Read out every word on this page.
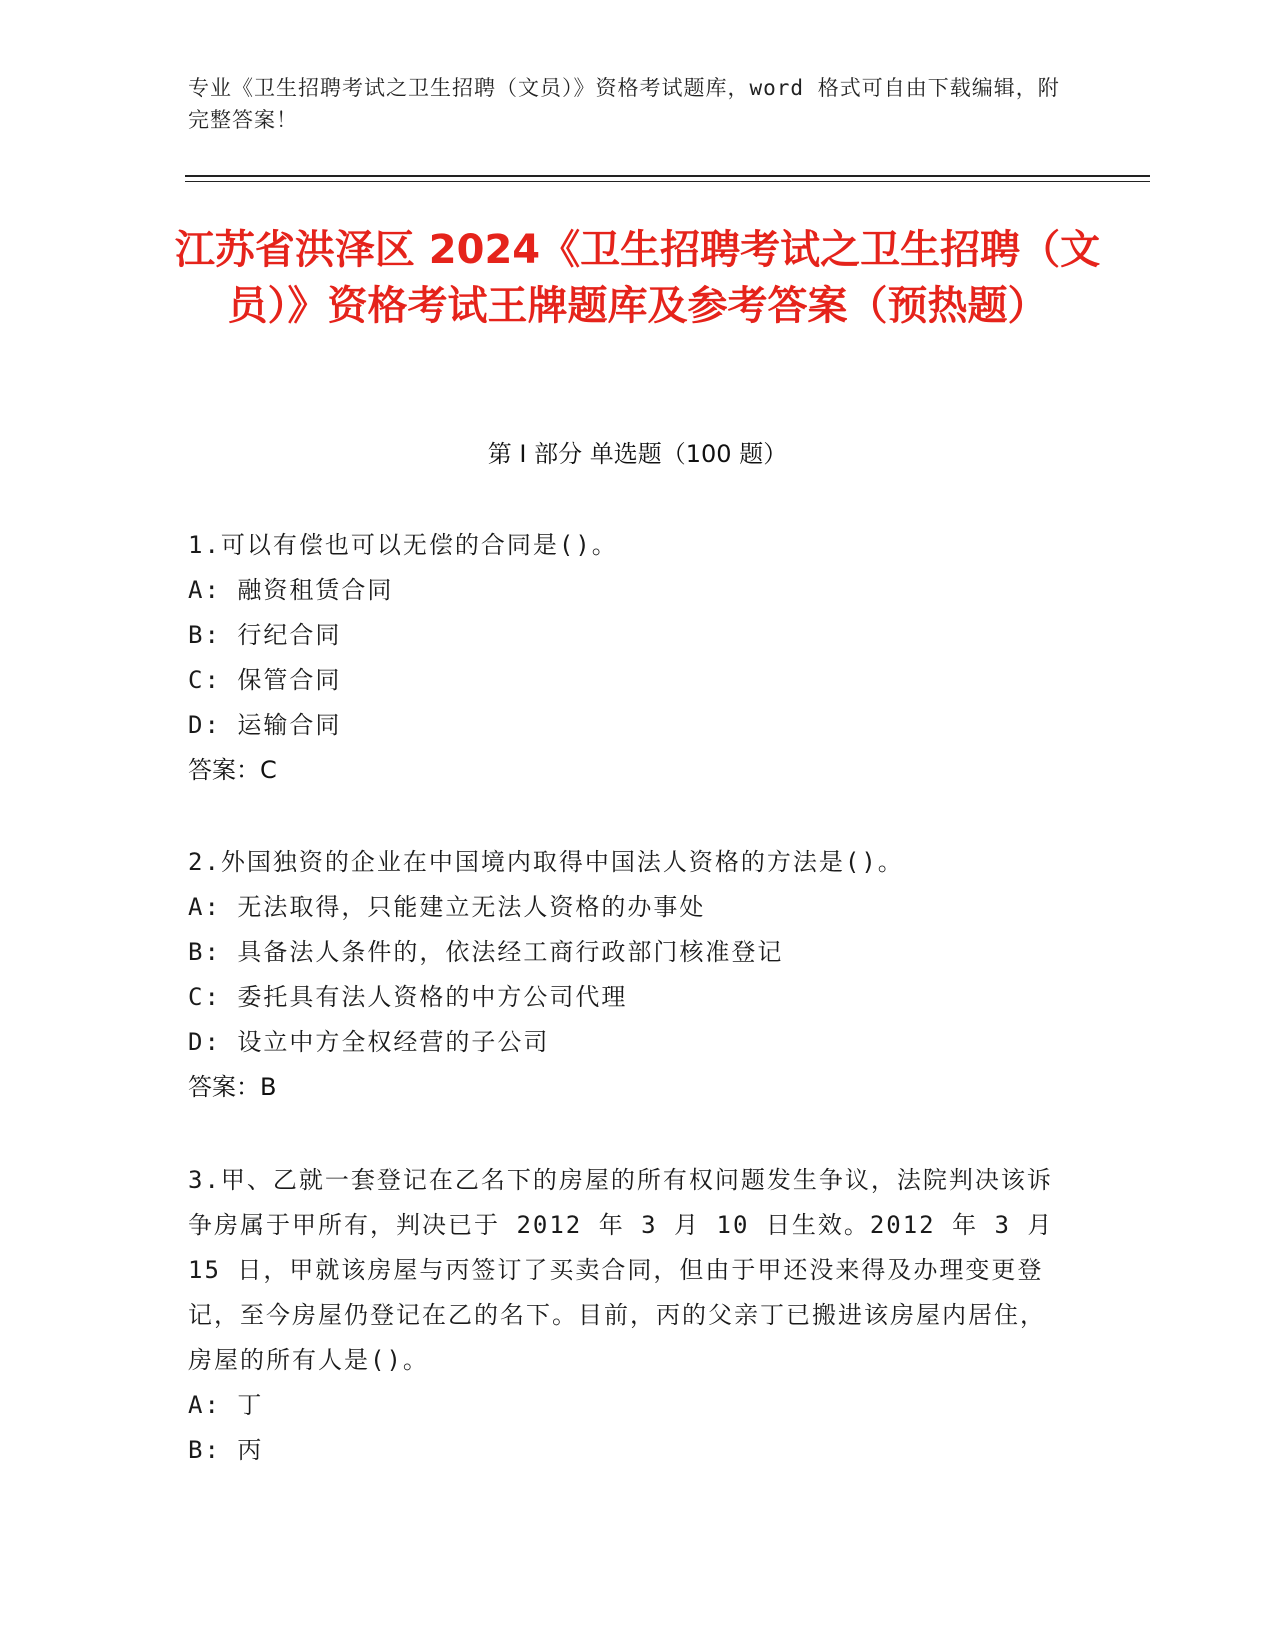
专业《卫生招聘考试之卫生招聘（文员）》资格考试题库，word 格式可自由下载编辑，附完整答案！
江苏省洪泽区 2024《卫生招聘考试之卫生招聘（文员）》资格考试王牌题库及参考答案（预热题）
第 I 部分 单选题（100 题）
1.可以有偿也可以无偿的合同是()。
A: 融资租赁合同
B: 行纪合同
C: 保管合同
D: 运输合同
答案：C
2.外国独资的企业在中国境内取得中国法人资格的方法是()。
A: 无法取得，只能建立无法人资格的办事处
B: 具备法人条件的，依法经工商行政部门核准登记
C: 委托具有法人资格的中方公司代理
D: 设立中方全权经营的子公司
答案：B
3.甲、乙就一套登记在乙名下的房屋的所有权问题发生争议，法院判决该诉争房属于甲所有，判决已于 2012 年 3 月 10 日生效。2012 年 3 月 15 日，甲就该房屋与丙签订了买卖合同，但由于甲还没来得及办理变更登记，至今房屋仍登记在乙的名下。目前，丙的父亲丁已搬进该房屋内居住，房屋的所有人是()。
A: 丁
B: 丙
